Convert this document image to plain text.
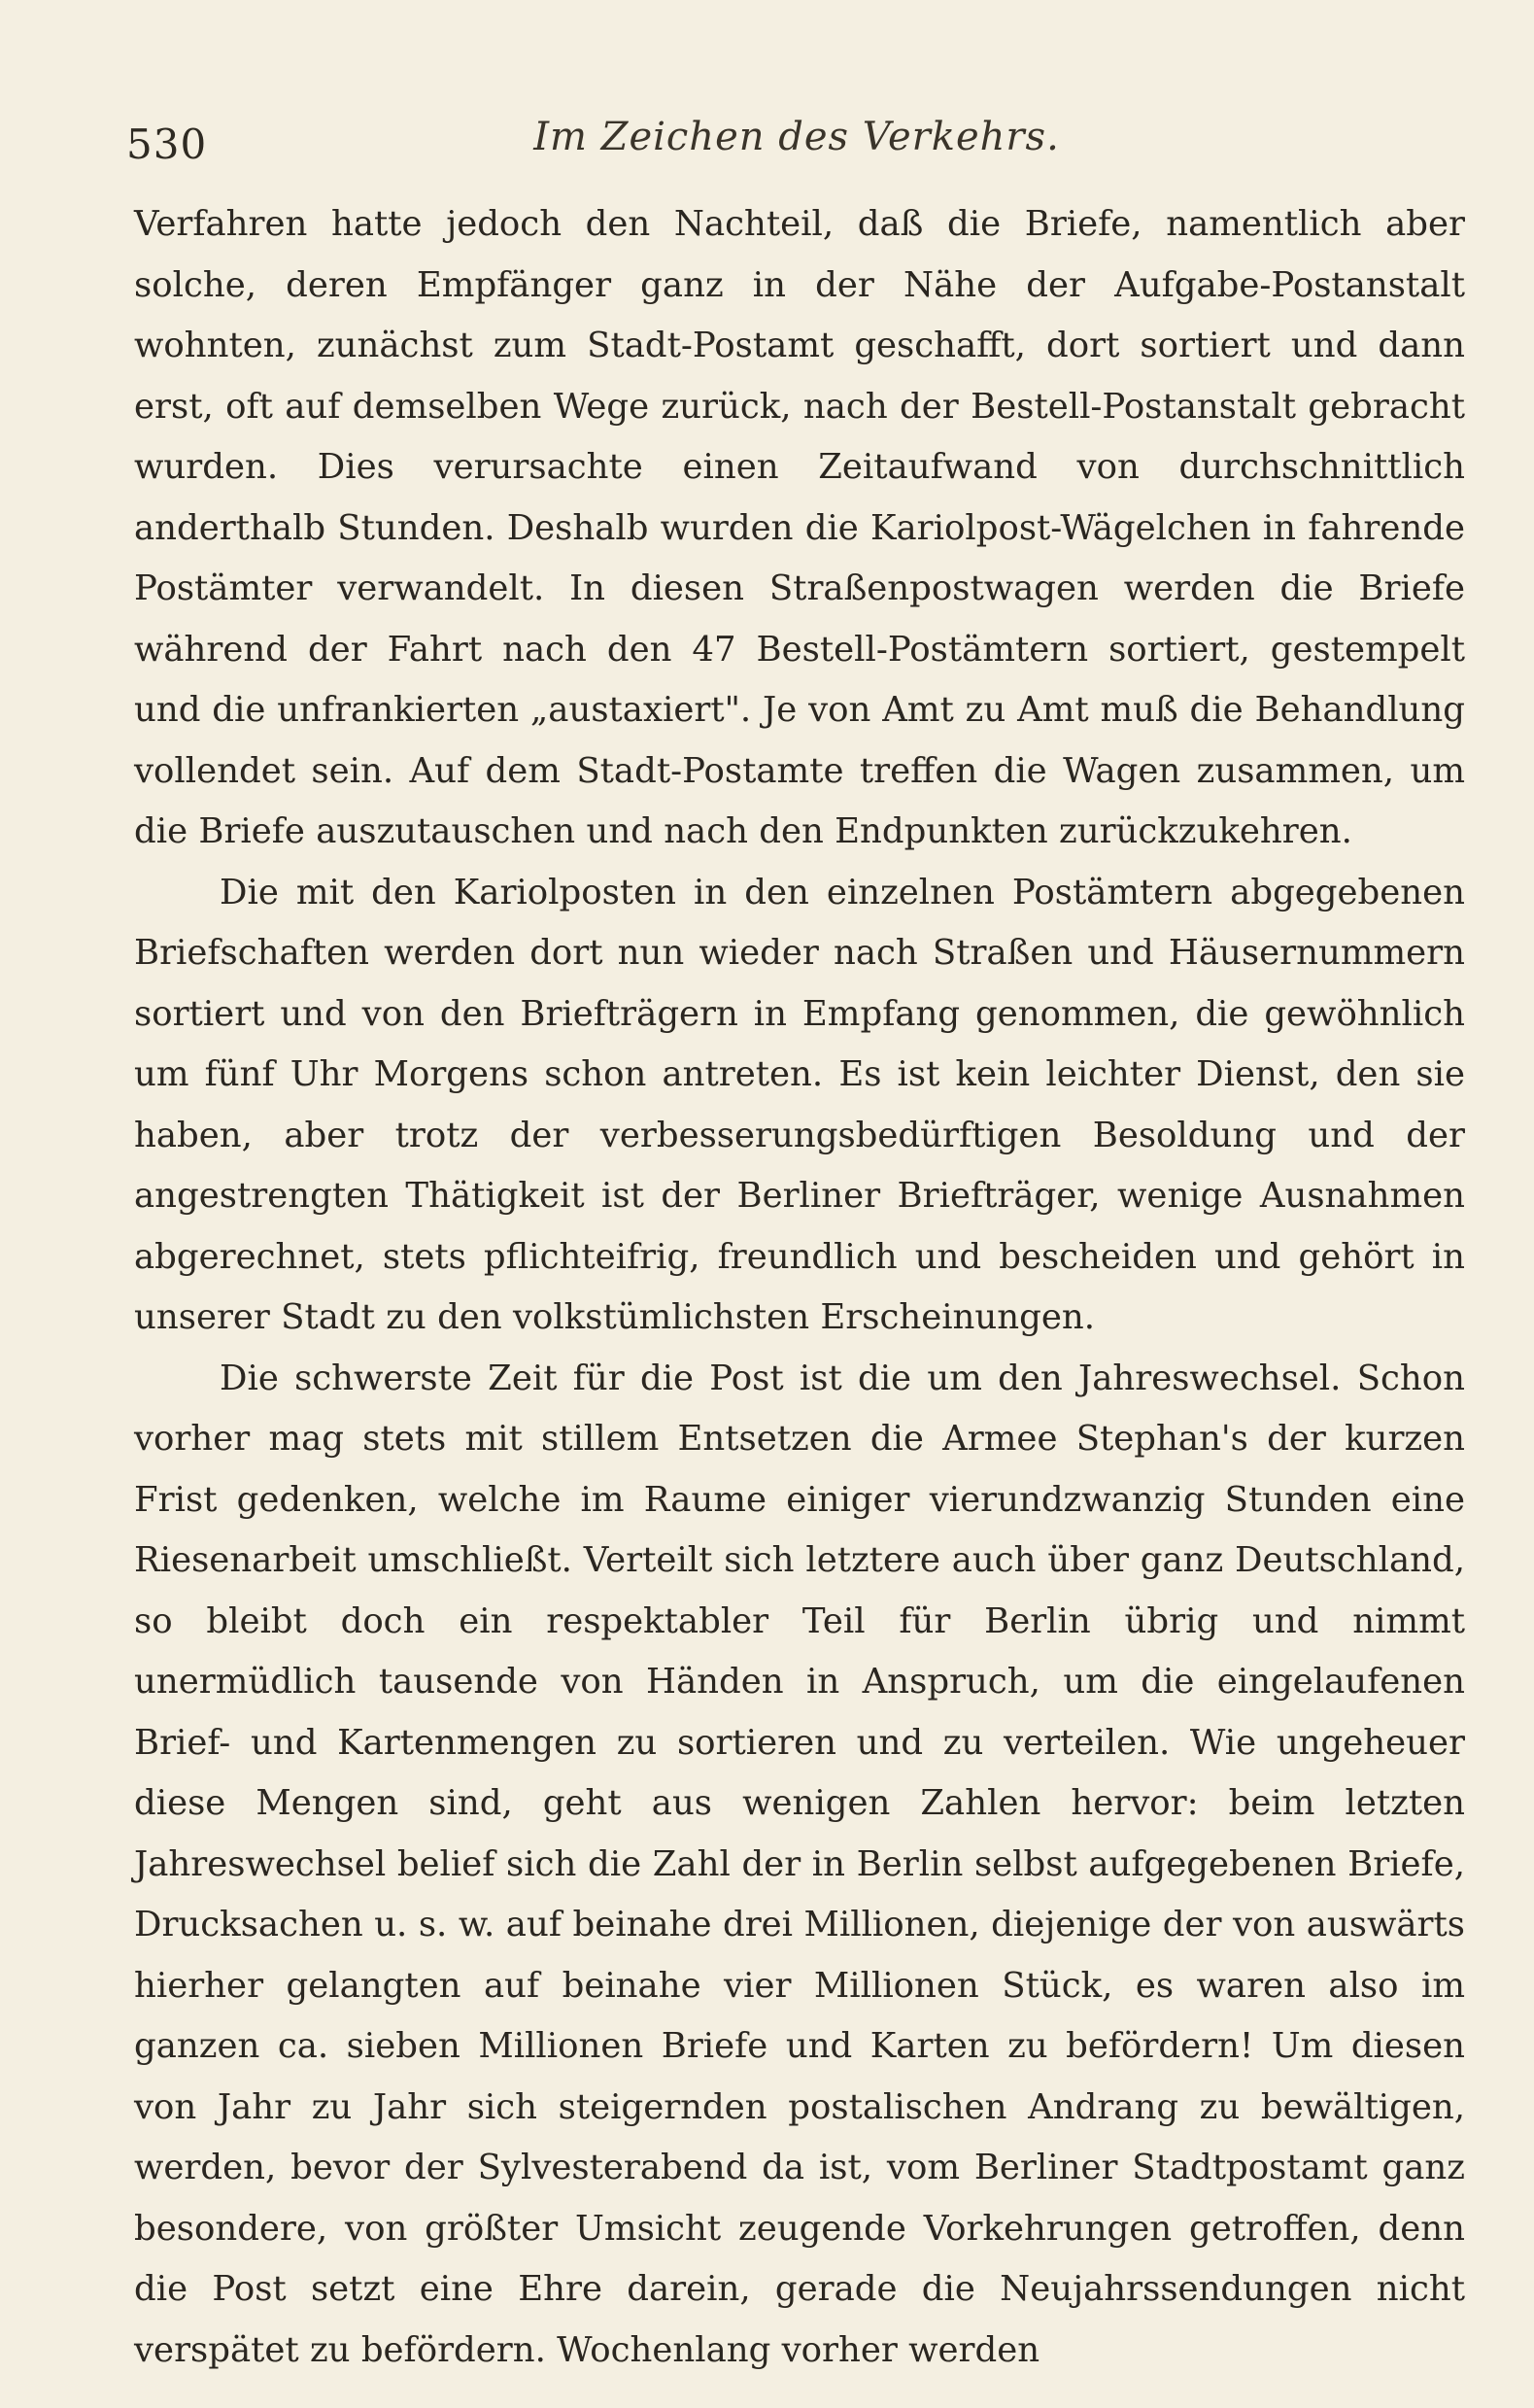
530	Im Zeichen des Verkehrs.

Verfahren hatte jedoch den Nachteil, daß die Briefe, namentlich aber solche, deren Empfänger ganz in der Nähe der Aufgabe-Postanstalt wohnten, zunächst zum Stadt-Postamt geschafft, dort sortiert und dann erst, oft auf demselben Wege zurück, nach der Bestell-Postanstalt gebracht wurden. Dies verursachte einen Zeitaufwand von durchschnittlich anderthalb Stunden. Deshalb wurden die Kariolpost-Wägelchen in fahrende Postämter verwandelt. In diesen Straßenpostwagen werden die Briefe während der Fahrt nach den 47 Bestell-Postämtern sortiert, gestempelt und die unfrankierten „austaxiert". Je von Amt zu Amt muß die Behandlung vollendet sein. Auf dem Stadt-Postamte treffen die Wagen zusammen, um die Briefe auszutauschen und nach den Endpunkten zurückzukehren.

Die mit den Kariolposten in den einzelnen Postämtern abgegebenen Briefschaften werden dort nun wieder nach Straßen und Häusernummern sortiert und von den Briefträgern in Empfang genommen, die gewöhnlich um fünf Uhr Morgens schon antreten. Es ist kein leichter Dienst, den sie haben, aber trotz der verbesserungsbedürftigen Besoldung und der angestrengten Thätigkeit ist der Berliner Briefträger, wenige Ausnahmen abgerechnet, stets pflichteifrig, freundlich und bescheiden und gehört in unserer Stadt zu den volkstümlichsten Erscheinungen.

Die schwerste Zeit für die Post ist die um den Jahreswechsel. Schon vorher mag stets mit stillem Entsetzen die Armee Stephan's der kurzen Frist gedenken, welche im Raume einiger vierundzwanzig Stunden eine Riesenarbeit umschließt. Verteilt sich letztere auch über ganz Deutschland, so bleibt doch ein respektabler Teil für Berlin übrig und nimmt unermüdlich tausende von Händen in Anspruch, um die eingelaufenen Brief- und Kartenmengen zu sortieren und zu verteilen. Wie ungeheuer diese Mengen sind, geht aus wenigen Zahlen hervor: beim letzten Jahreswechsel belief sich die Zahl der in Berlin selbst aufgegebenen Briefe, Drucksachen u. s. w. auf beinahe drei Millionen, diejenige der von auswärts hierher gelangten auf beinahe vier Millionen Stück, es waren also im ganzen ca. sieben Millionen Briefe und Karten zu befördern! Um diesen von Jahr zu Jahr sich steigernden postalischen Andrang zu bewältigen, werden, bevor der Sylvesterabend da ist, vom Berliner Stadtpostamt ganz besondere, von größter Umsicht zeugende Vorkehrungen getroffen, denn die Post setzt eine Ehre darein, gerade die Neujahrssendungen nicht verspätet zu befördern. Wochenlang vorher werden
